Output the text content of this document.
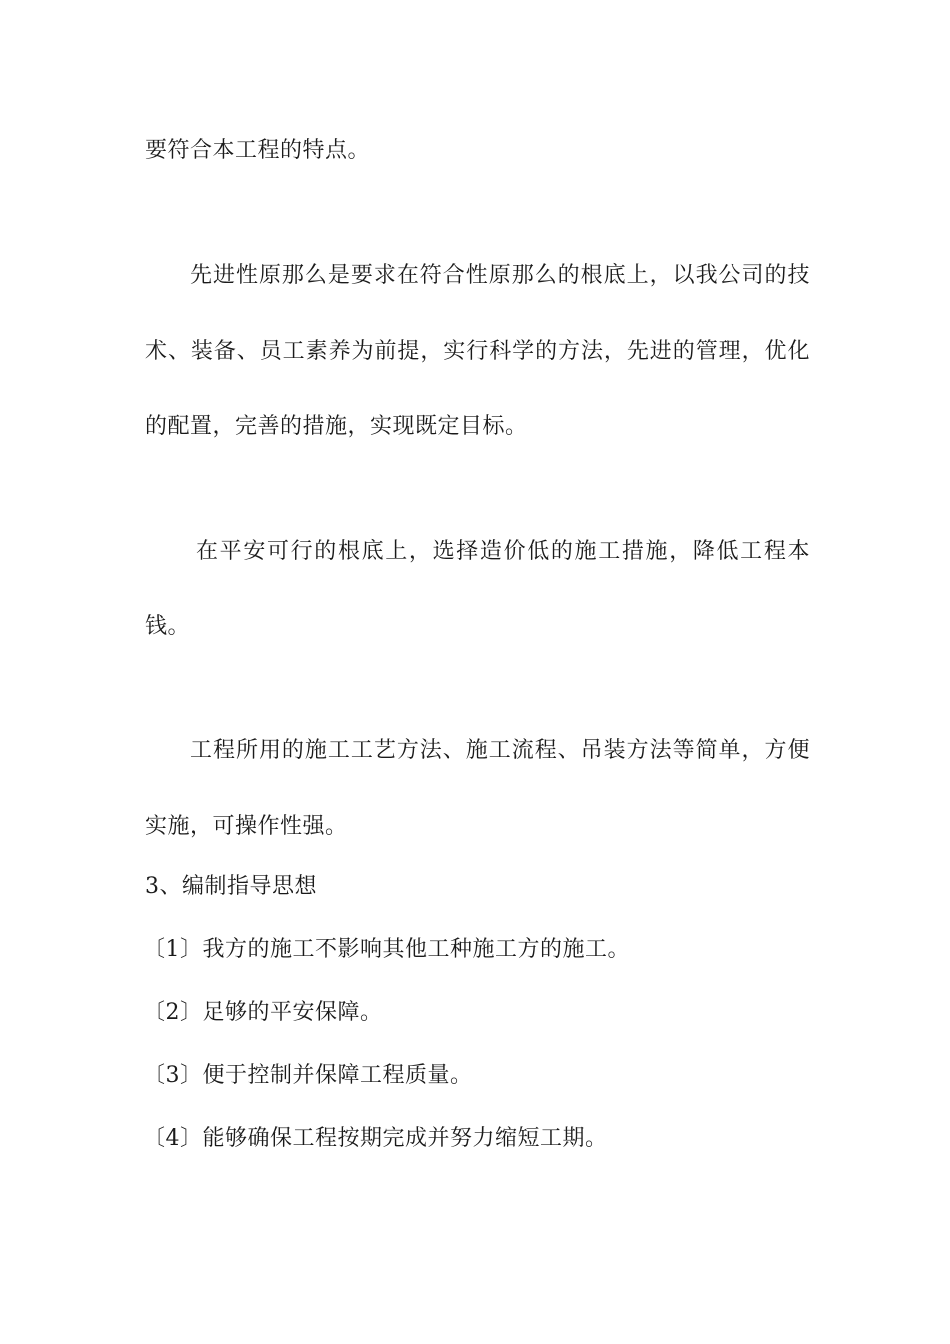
要符合本工程的特点。
先进性原那么是要求在符合性原那么的根底上，以我公司的技
术、装备、员工素养为前提，实行科学的方法，先进的管理，优化
的配置，完善的措施，实现既定目标。
在平安可行的根底上，选择造价低的施工措施，降低工程本
钱。
工程所用的施工工艺方法、施工流程、吊装方法等简单，方便
实施，可操作性强。
3、编制指导思想
〔1〕我方的施工不影响其他工种施工方的施工。
〔2〕足够的平安保障。
〔3〕便于控制并保障工程质量。
〔4〕能够确保工程按期完成并努力缩短工期。
